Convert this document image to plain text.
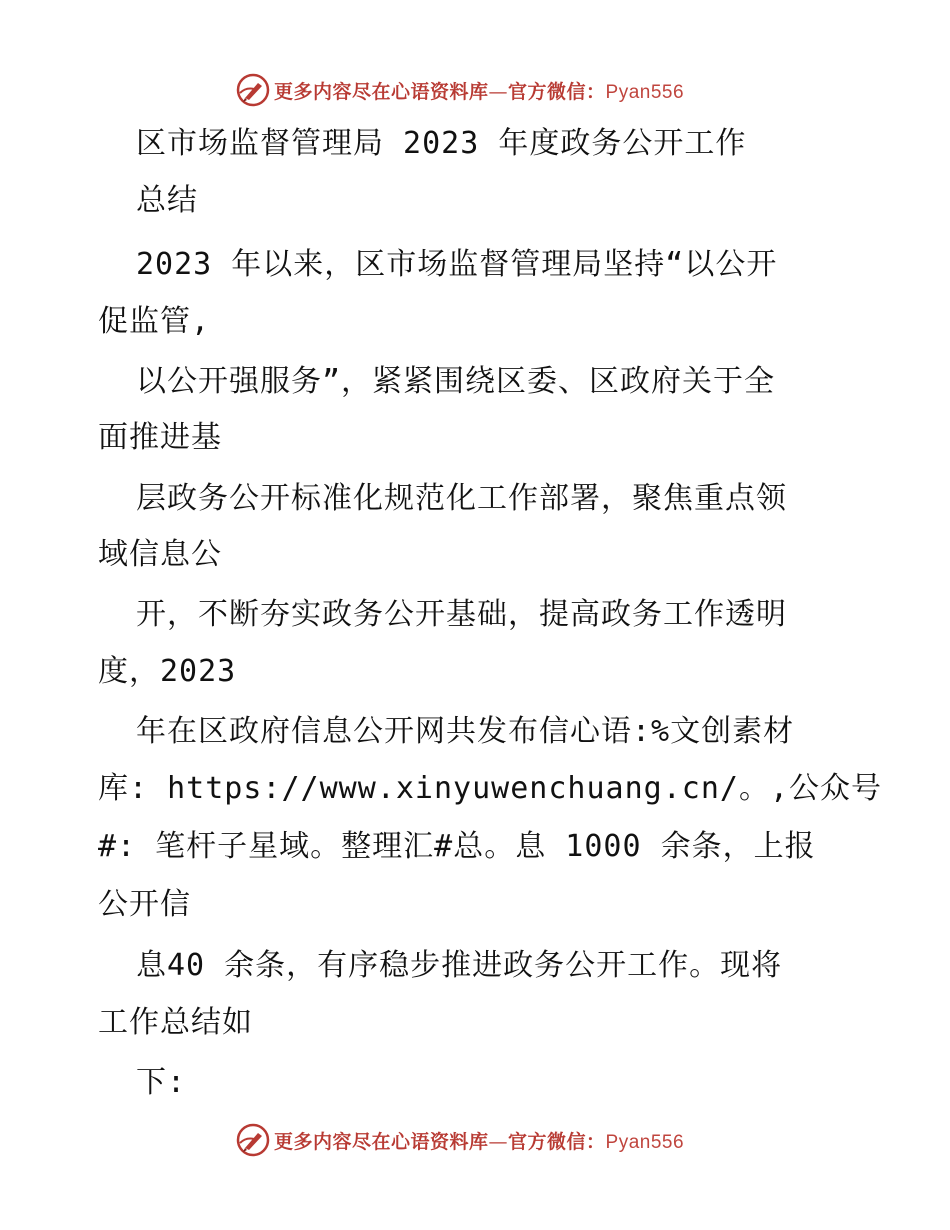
更多内容尽在心语资料库—官方微信：Pyan556
区市场监督管理局 2023 年度政务公开工作
总结
2023 年以来，区市场监督管理局坚持“以公开
促监管,
以公开强服务”，紧紧围绕区委、区政府关于全
面推进基
层政务公开标准化规范化工作部署，聚焦重点领
域信息公
开，不断夯实政务公开基础，提高政务工作透明
度，2023
年在区政府信息公开网共发布信心语:%文创素材
库: https://www.xinyuwenchuang.cn/。,公众号
#: 笔杆子星域。整理汇#总。息 1000 余条，上报
公开信
息40 余条，有序稳步推进政务公开工作。现将
工作总结如
下:
更多内容尽在心语资料库—官方微信：Pyan556
